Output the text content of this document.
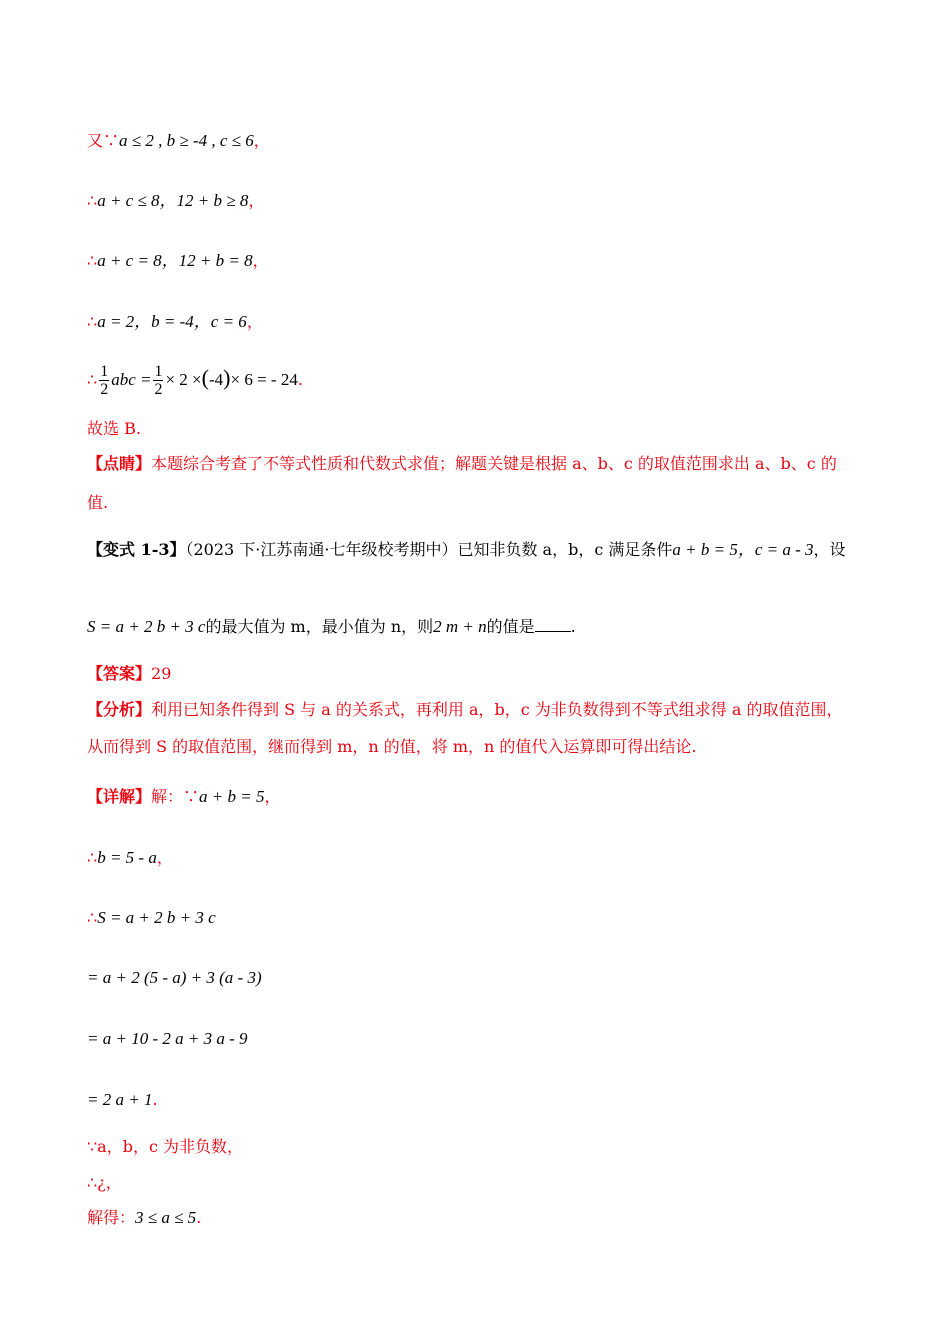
又∵a ≤ 2 , b ≥ -4 , c ≤ 6，
∴a + c ≤ 8，12 + b ≥ 8，
∴a + c = 8，12 + b = 8，
∴a = 2，b = -4，c = 6，
∴ $\frac{1}{2}$ abc = $\frac{1}{2} \times 2 \times(-4)\times 6$ = - 24.
故选 B.
【点睛】本题综合考查了不等式性质和代数式求值；解题关键是根据 a、b、c 的取值范围求出 a、b、c 的
值.
【变式 1-3】（2023 下·江苏南通·七年级校考期中）已知非负数 a，b，c 满足条件a + b = 5，c = a - 3，设
S = a + 2 b + 3 c的最大值为 m，最小值为 n，则2 m + n的值是 .
【答案】29
【分析】利用已知条件得到 S 与 a 的关系式，再利用 a，b，c 为非负数得到不等式组求得 a 的取值范围，
从而得到 S 的取值范围，继而得到 m，n 的值，将 m，n 的值代入运算即可得出结论.
【详解】解：∵a + b = 5，
∴b = 5 - a，
∴S = a + 2 b + 3 c
= a + 2 (5 - a) + 3 (a - 3)
= a + 10 - 2 a + 3 a - 9
= 2 a + 1.
∵a，b，c 为非负数，
∴¿，
解得：3 ≤ a ≤ 5.
